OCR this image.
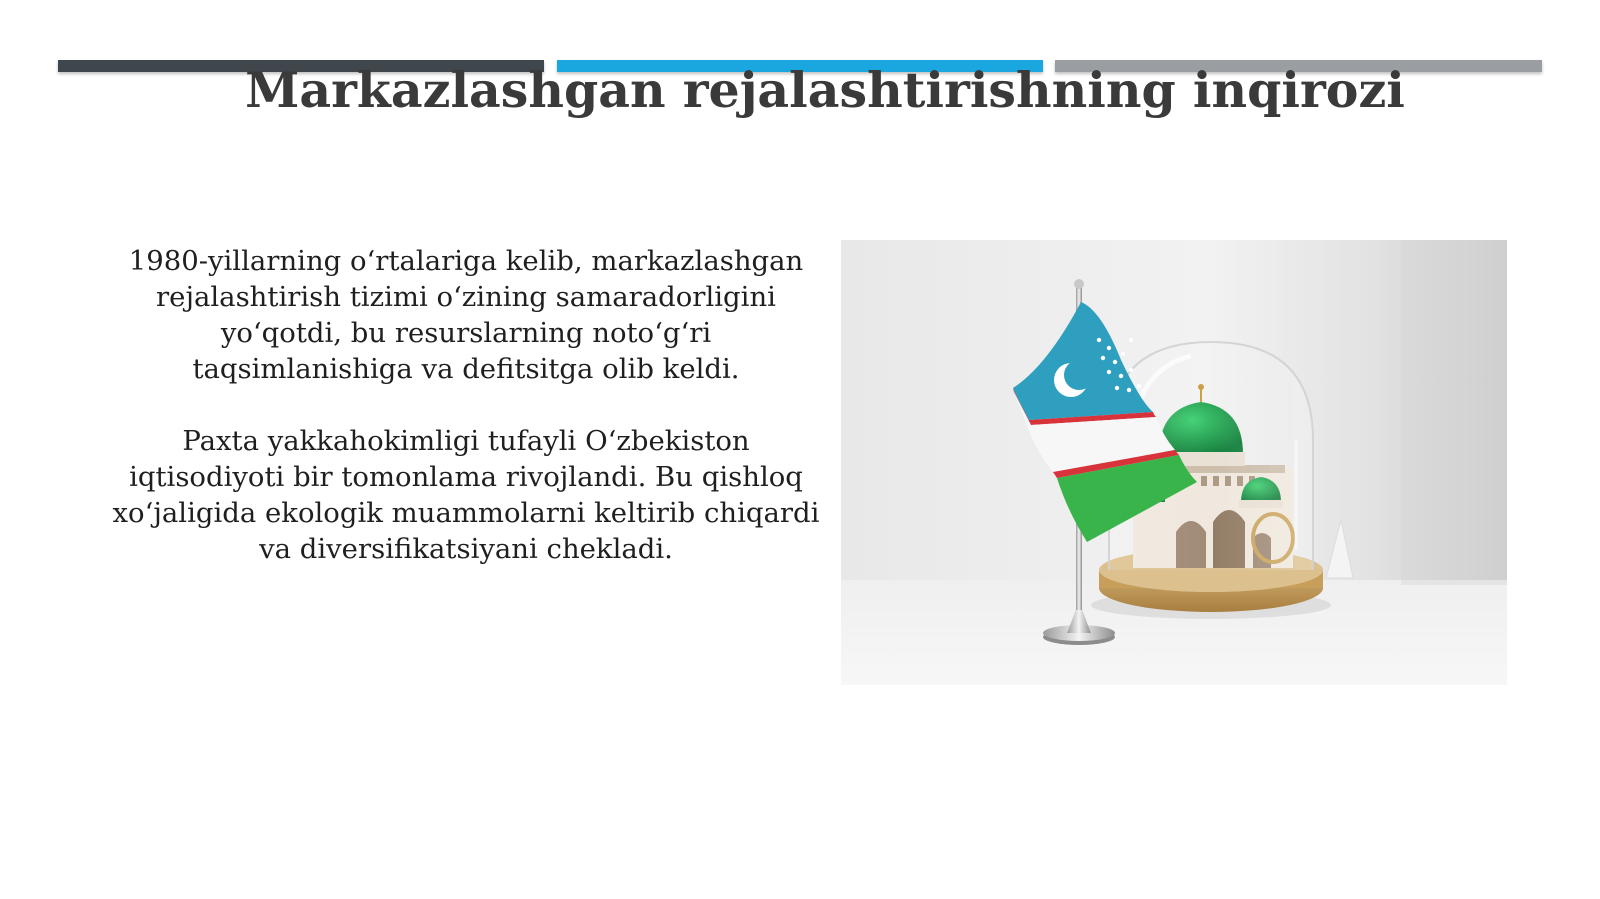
Markazlashgan rejalashtirishning inqirozi

1980-yillarning o‘rtalariga kelib, markazlashgan rejalashtirish tizimi o‘zining samaradorligini yo‘qotdi, bu resurslarning noto‘g‘ri taqsimlanishiga va defitsitga olib keldi.

Paxta yakkahokimligi tufayli O‘zbekiston iqtisodiyoti bir tomonlama rivojlandi. Bu qishloq xo‘jaligida ekologik muammolarni keltirib chiqardi va diversifikatsiyani chekladi.
